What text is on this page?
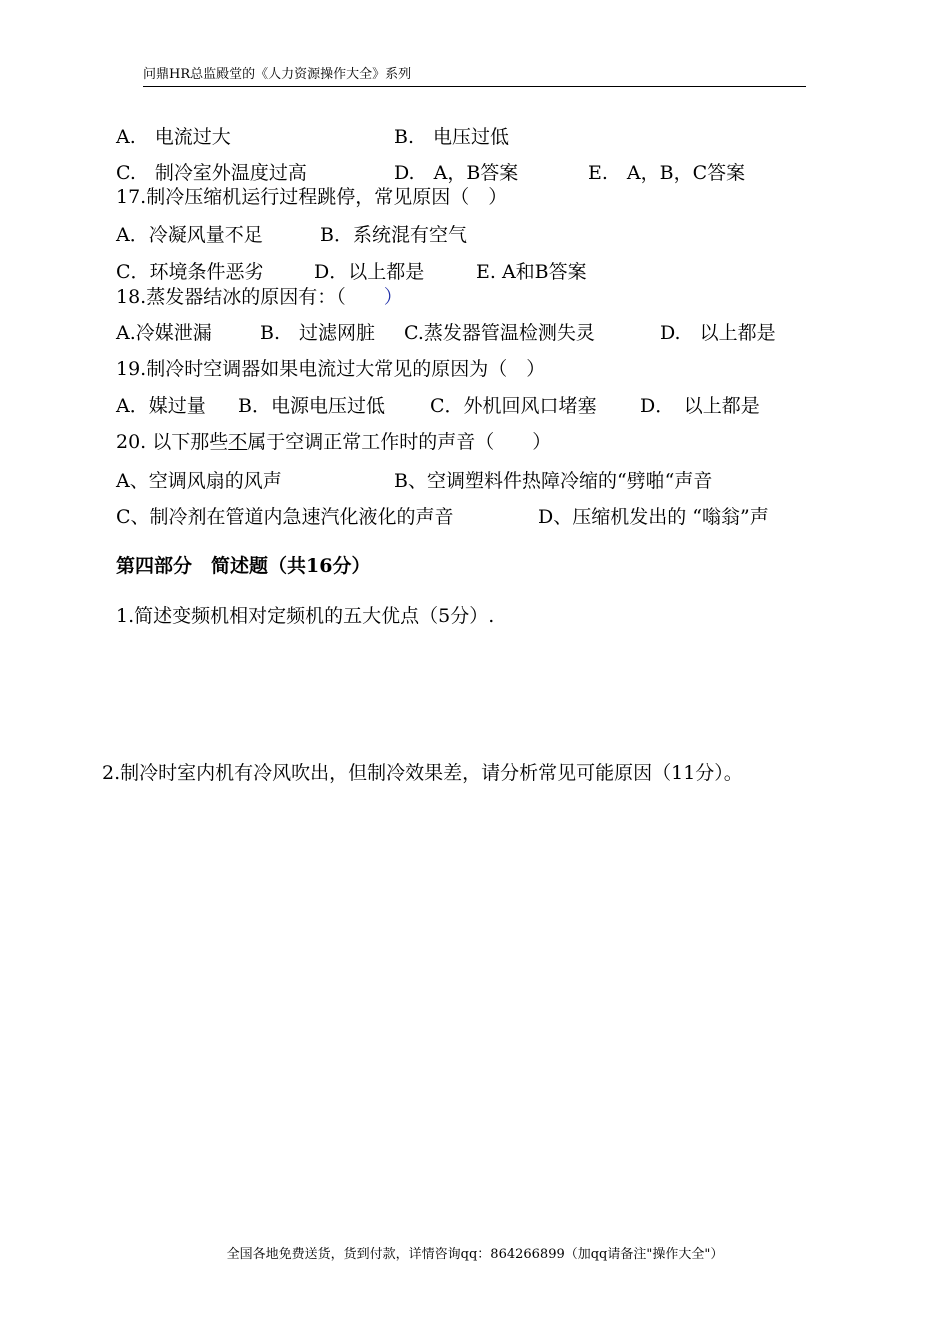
问鼎HR总监殿堂的《人力资源操作大全》系列
A.　电流过大	B.　电压过低
C.　制冷室外温度过高	D.　A，B答案	E.　A，B，C答案
17.制冷压缩机运行过程跳停，常见原因（　）
A．冷凝风量不足	B．系统混有空气
C．环境条件恶劣	D．以上都是	E. A和B答案
18.蒸发器结冰的原因有：（ ）
A.冷媒泄漏	B.　过滤网脏 C.蒸发器管温检测失灵	D.　以上都是
19.制冷时空调器如果电流过大常见的原因为（　）
A．媒过量 B．电源电压过低 C．外机回风口堵塞 D．　以上都是
20. 以下那些不属于空调正常工作时的声音（　　）
A、空调风扇的风声	B、空调塑料件热障冷缩的“劈啪“声音
C、制冷剂在管道内急速汽化液化的声音	D、压缩机发出的 “嗡翁”声
第四部分　简述题（共16分）
1.简述变频机相对定频机的五大优点（5分）.
2.制冷时室内机有冷风吹出，但制冷效果差，请分析常见可能原因（11分）。
全国各地免费送货，货到付款，详情咨询qq：864266899（加qq请备注"操作大全"）
